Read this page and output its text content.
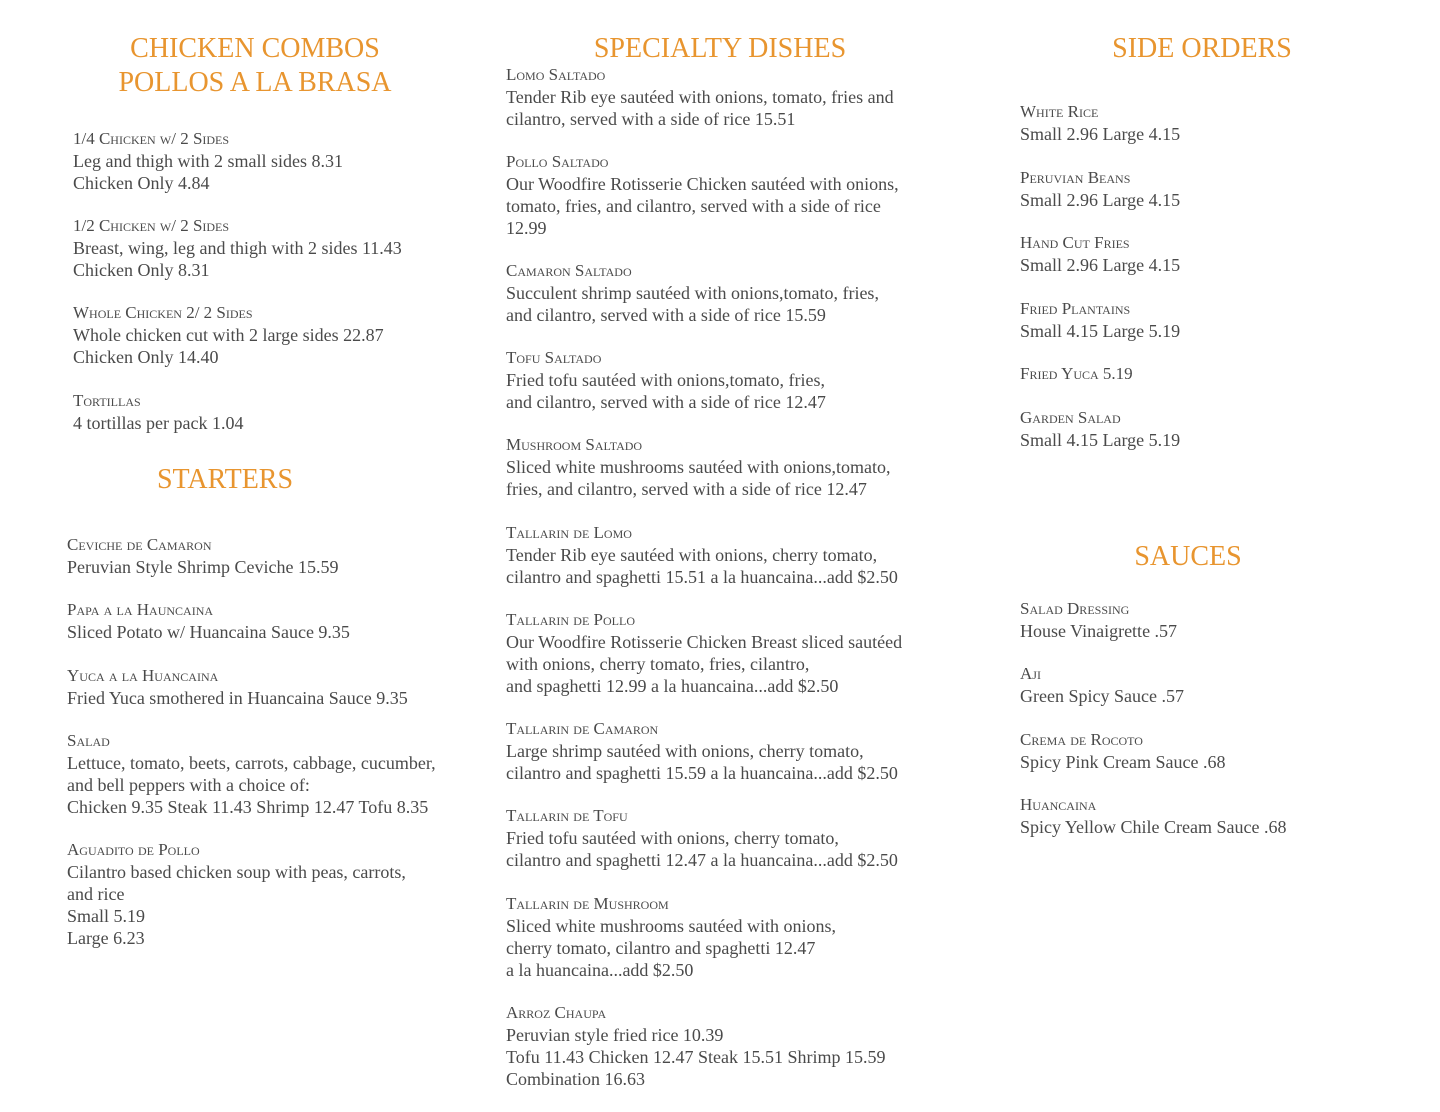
CHICKEN COMBOS
POLLOS A LA BRASA
1/4 Chicken w/ 2 Sides
Leg and thigh with 2 small sides 8.31
Chicken Only 4.84
1/2 Chicken w/ 2 Sides
Breast, wing, leg and thigh with 2 sides 11.43
Chicken Only 8.31
Whole Chicken 2/ 2 Sides
Whole chicken cut with 2 large sides 22.87
Chicken Only 14.40
Tortillas
4 tortillas per pack 1.04
STARTERS
Ceviche de Camaron
Peruvian Style Shrimp Ceviche 15.59
Papa a la Hauncaina
Sliced Potato w/ Huancaina Sauce 9.35
Yuca a la Huancaina
Fried Yuca smothered in Huancaina Sauce 9.35
Salad
Lettuce, tomato, beets, carrots, cabbage, cucumber,
and bell peppers with a choice of:
Chicken 9.35 Steak 11.43 Shrimp 12.47 Tofu 8.35
Aguadito de Pollo
Cilantro based chicken soup with peas, carrots,
and rice
Small 5.19
Large 6.23
SPECIALTY DISHES
Lomo Saltado
Tender Rib eye sautéed with onions, tomato, fries and
cilantro, served with a side of rice 15.51
Pollo Saltado
Our Woodfire Rotisserie Chicken sautéed with onions,
tomato, fries, and cilantro, served with a side of rice
12.99
Camaron Saltado
Succulent shrimp sautéed with onions,tomato, fries,
and cilantro, served with a side of rice 15.59
Tofu Saltado
Fried tofu sautéed with onions,tomato, fries,
and cilantro, served with a side of rice 12.47
Mushroom Saltado
Sliced white mushrooms sautéed with onions,tomato,
fries, and cilantro, served with a side of rice 12.47
Tallarin de Lomo
Tender Rib eye sautéed with onions, cherry tomato,
cilantro and spaghetti 15.51 a la huancaina...add $2.50
Tallarin de Pollo
Our Woodfire Rotisserie Chicken Breast sliced sautéed
with onions, cherry tomato, fries, cilantro,
and spaghetti 12.99 a la huancaina...add $2.50
Tallarin de Camaron
Large shrimp sautéed with onions, cherry tomato,
cilantro and spaghetti 15.59 a la huancaina...add $2.50
Tallarin de Tofu
Fried tofu sautéed with onions, cherry tomato,
cilantro and spaghetti 12.47 a la huancaina...add $2.50
Tallarin de Mushroom
Sliced white mushrooms sautéed with onions,
cherry tomato, cilantro and spaghetti 12.47
a la huancaina...add $2.50
Arroz Chaupa
Peruvian style fried rice 10.39
Tofu 11.43 Chicken 12.47 Steak 15.51 Shrimp 15.59
Combination 16.63
SIDE ORDERS
White Rice
Small 2.96 Large 4.15
Peruvian Beans
Small 2.96 Large 4.15
Hand Cut Fries
Small 2.96 Large 4.15
Fried Plantains
Small 4.15 Large 5.19
Fried Yuca 5.19
Garden Salad
Small 4.15 Large 5.19
SAUCES
Salad Dressing
House Vinaigrette .57
Aji
Green Spicy Sauce .57
Crema de Rocoto
Spicy Pink Cream Sauce .68
Huancaina
Spicy Yellow Chile Cream Sauce .68
